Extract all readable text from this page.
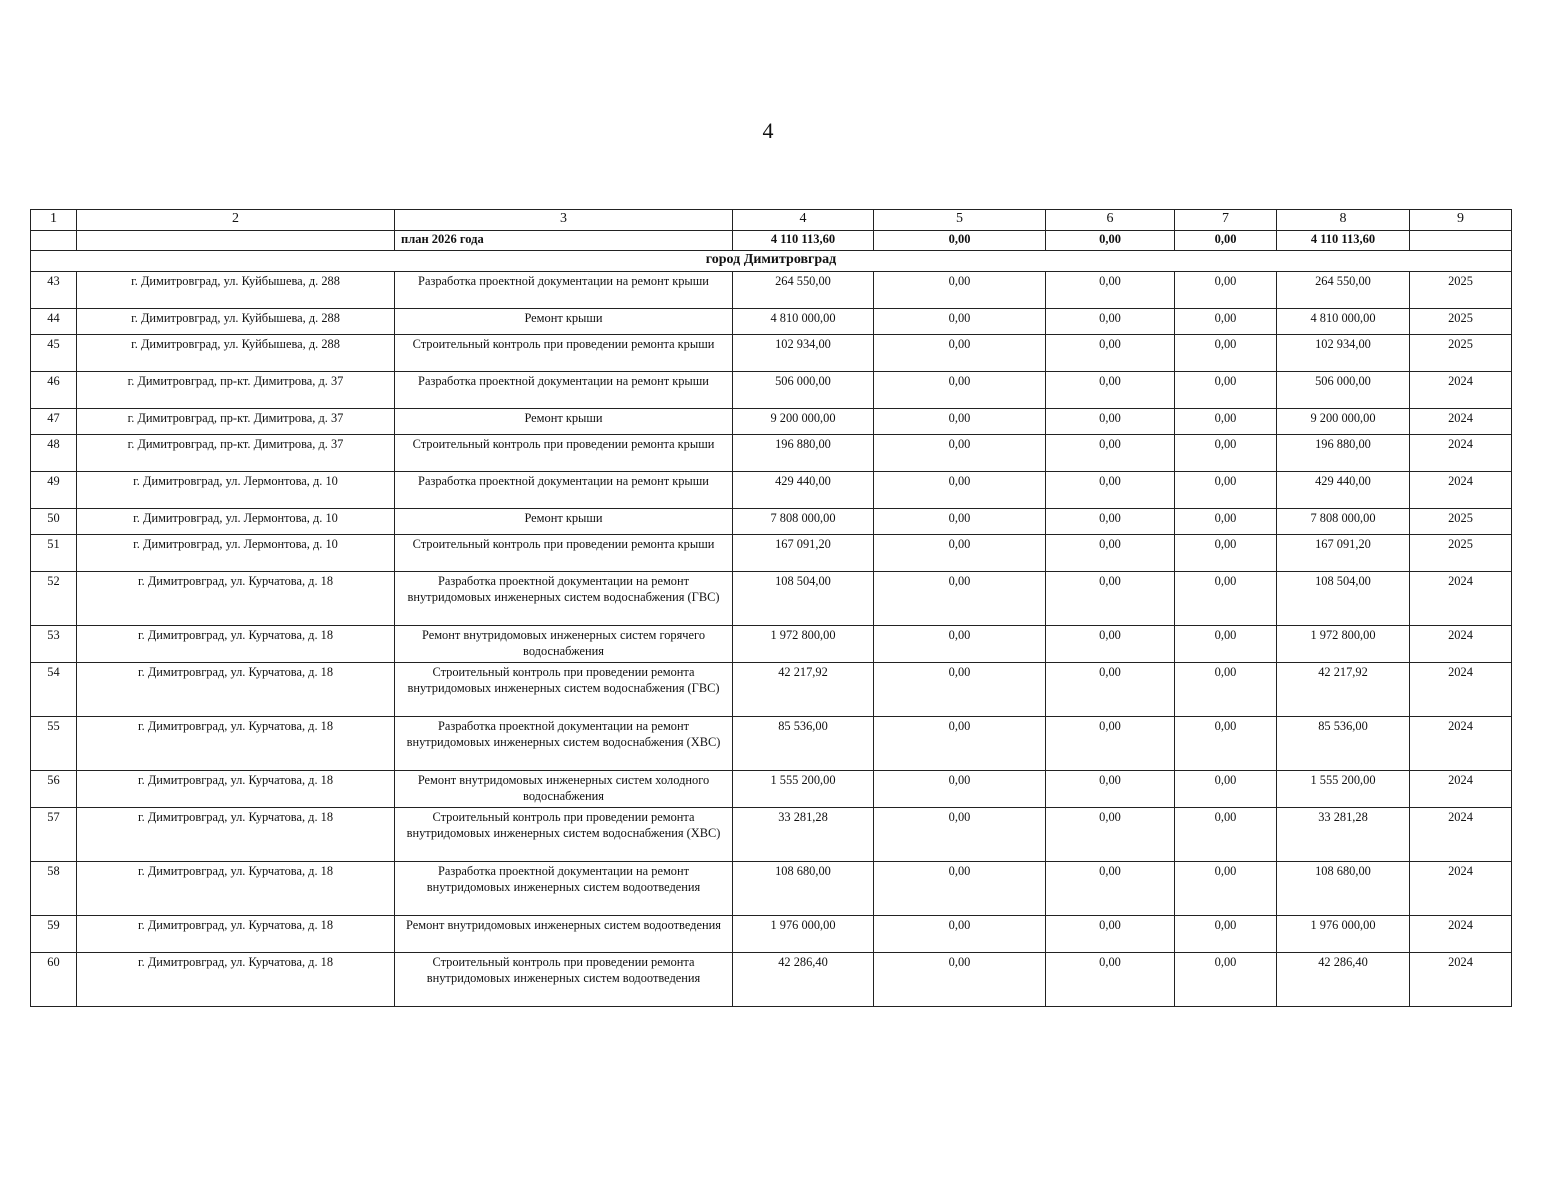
4
1	2	3	4	5	6	7	8	9
		план 2026 года	4 110 113,60	0,00	0,00	0,00	4 110 113,60	
город Димитровград								
43	г. Димитровград, ул. Куйбышева, д. 288	Разработка проектной документации на ремонт крыши	264 550,00	0,00	0,00	0,00	264 550,00	2025
44	г. Димитровград, ул. Куйбышева, д. 288	Ремонт крыши	4 810 000,00	0,00	0,00	0,00	4 810 000,00	2025
45	г. Димитровград, ул. Куйбышева, д. 288	Строительный контроль при проведении ремонта крыши	102 934,00	0,00	0,00	0,00	102 934,00	2025
46	г. Димитровград, пр-кт. Димитрова, д. 37	Разработка проектной документации на ремонт крыши	506 000,00	0,00	0,00	0,00	506 000,00	2024
47	г. Димитровград, пр-кт. Димитрова, д. 37	Ремонт крыши	9 200 000,00	0,00	0,00	0,00	9 200 000,00	2024
48	г. Димитровград, пр-кт. Димитрова, д. 37	Строительный контроль при проведении ремонта крыши	196 880,00	0,00	0,00	0,00	196 880,00	2024
49	г. Димитровград, ул. Лермонтова, д. 10	Разработка проектной документации на ремонт крыши	429 440,00	0,00	0,00	0,00	429 440,00	2024
50	г. Димитровград, ул. Лермонтова, д. 10	Ремонт крыши	7 808 000,00	0,00	0,00	0,00	7 808 000,00	2025
51	г. Димитровград, ул. Лермонтова, д. 10	Строительный контроль при проведении ремонта крыши	167 091,20	0,00	0,00	0,00	167 091,20	2025
52	г. Димитровград, ул. Курчатова, д. 18	Разработка проектной документации на ремонт внутридомовых инженерных систем водоснабжения (ГВС)	108 504,00	0,00	0,00	0,00	108 504,00	2024
53	г. Димитровград, ул. Курчатова, д. 18	Ремонт внутридомовых инженерных систем горячего водоснабжения	1 972 800,00	0,00	0,00	0,00	1 972 800,00	2024
54	г. Димитровград, ул. Курчатова, д. 18	Строительный контроль при проведении ремонта внутридомовых инженерных систем водоснабжения (ГВС)	42 217,92	0,00	0,00	0,00	42 217,92	2024
55	г. Димитровград, ул. Курчатова, д. 18	Разработка проектной документации на ремонт внутридомовых инженерных систем водоснабжения (ХВС)	85 536,00	0,00	0,00	0,00	85 536,00	2024
56	г. Димитровград, ул. Курчатова, д. 18	Ремонт внутридомовых инженерных систем холодного водоснабжения	1 555 200,00	0,00	0,00	0,00	1 555 200,00	2024
57	г. Димитровград, ул. Курчатова, д. 18	Строительный контроль при проведении ремонта внутридомовых инженерных систем водоснабжения (ХВС)	33 281,28	0,00	0,00	0,00	33 281,28	2024
58	г. Димитровград, ул. Курчатова, д. 18	Разработка проектной документации на ремонт внутридомовых инженерных систем водоотведения	108 680,00	0,00	0,00	0,00	108 680,00	2024
59	г. Димитровград, ул. Курчатова, д. 18	Ремонт внутридомовых инженерных систем водоотведения	1 976 000,00	0,00	0,00	0,00	1 976 000,00	2024
60	г. Димитровград, ул. Курчатова, д. 18	Строительный контроль при проведении ремонта внутридомовых инженерных систем водоотведения	42 286,40	0,00	0,00	0,00	42 286,40	2024
